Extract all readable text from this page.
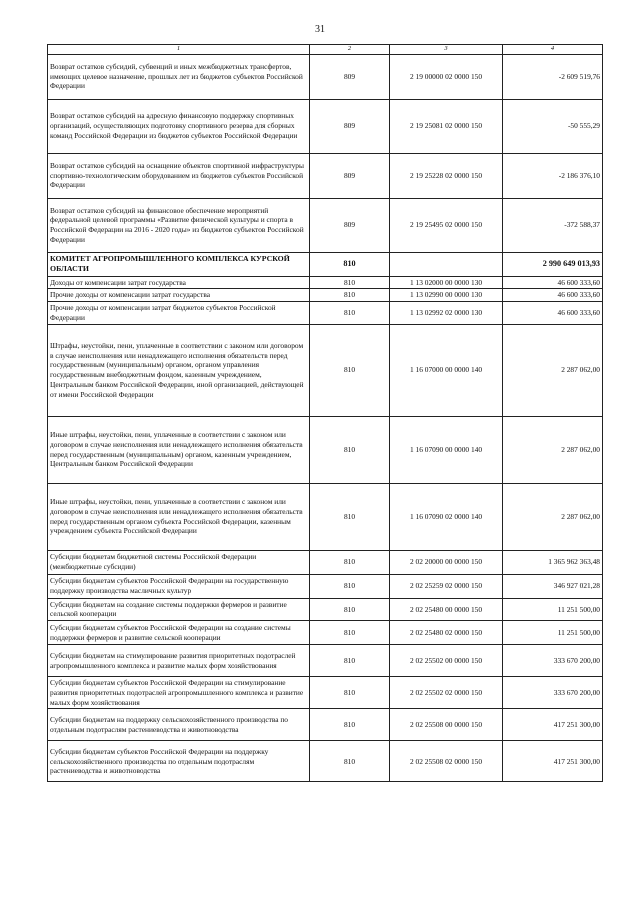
31
1	2	3	4
Возврат остатков субсидий, субвенций и иных межбюджетных трансфертов, имеющих целевое назначение, прошлых лет из бюджетов субъектов Российской Федерации	809	2 19 00000 02 0000 150	-2 609 519,76
Возврат остатков субсидий на адресную финансовую поддержку спортивных организаций, осуществляющих подготовку спортивного резерва для сборных команд Российской Федерации из бюджетов субъектов Российской Федерации	809	2 19 25081 02 0000 150	-50 555,29
Возврат остатков субсидий на оснащение объектов спортивной инфраструктуры спортивно-технологическим оборудованием из бюджетов субъектов Российской Федерации	809	2 19 25228 02 0000 150	-2 186 376,10
Возврат остатков субсидий на финансовое обеспечение мероприятий федеральной целевой программы «Развитие физической культуры и спорта в Российской Федерации на 2016 - 2020 годы» из бюджетов субъектов Российской Федерации	809	2 19 25495 02 0000 150	-372 588,37
КОМИТЕТ АГРОПРОМЫШЛЕННОГО КОМПЛЕКСА КУРСКОЙ ОБЛАСТИ	810		2 990 649 013,93
Доходы от компенсации затрат государства	810	1 13 02000 00 0000 130	46 600 333,60
Прочие доходы от компенсации затрат государства	810	1 13 02990 00 0000 130	46 600 333,60
Прочие доходы от компенсации затрат бюджетов субъектов Российской Федерации	810	1 13 02992 02 0000 130	46 600 333,60
Штрафы, неустойки, пени, уплаченные в соответствии с законом или договором в случае неисполнения или ненадлежащего исполнения обязательств перед государственным (муниципальным) органом, органом управления государственным внебюджетным фондом, казенным учреждением, Центральным банком Российской Федерации, иной организацией, действующей от имени Российской Федерации	810	1 16 07000 00 0000 140	2 287 062,00
Иные штрафы, неустойки, пени, уплаченные в соответствии с законом или договором в случае неисполнения или ненадлежащего исполнения обязательств перед государственным (муниципальным) органом, казенным учреждением, Центральным банком Российской Федерации	810	1 16 07090 00 0000 140	2 287 062,00
Иные штрафы, неустойки, пени, уплаченные в соответствии с законом или договором в случае неисполнения или ненадлежащего исполнения обязательств перед государственным органом субъекта Российской Федерации, казенным учреждением субъекта Российской Федерации	810	1 16 07090 02 0000 140	2 287 062,00
Субсидии бюджетам бюджетной системы Российской Федерации (межбюджетные субсидии)	810	2 02 20000 00 0000 150	1 365 962 363,48
Субсидии бюджетам субъектов Российской Федерации на государственную поддержку производства масличных культур	810	2 02 25259 02 0000 150	346 927 021,28
Субсидии бюджетам на создание системы поддержки фермеров и развитие сельской кооперации	810	2 02 25480 00 0000 150	11 251 500,00
Субсидии бюджетам субъектов Российской Федерации на создание системы поддержки фермеров и развитие сельской кооперации	810	2 02 25480 02 0000 150	11 251 500,00
Субсидии бюджетам на стимулирование развития приоритетных подотраслей агропромышленного комплекса и развитие малых форм хозяйствования	810	2 02 25502 00 0000 150	333 670 200,00
Субсидии бюджетам субъектов Российской Федерации на стимулирование развития приоритетных подотраслей агропромышленного комплекса и развитие малых форм хозяйствования	810	2 02 25502 02 0000 150	333 670 200,00
Субсидии бюджетам на поддержку сельскохозяйственного производства по отдельным подотраслям растениеводства и животноводства	810	2 02 25508 00 0000 150	417 251 300,00
Субсидии бюджетам субъектов Российской Федерации на поддержку сельскохозяйственного производства по отдельным подотраслям растениеводства и животноводства	810	2 02 25508 02 0000 150	417 251 300,00
